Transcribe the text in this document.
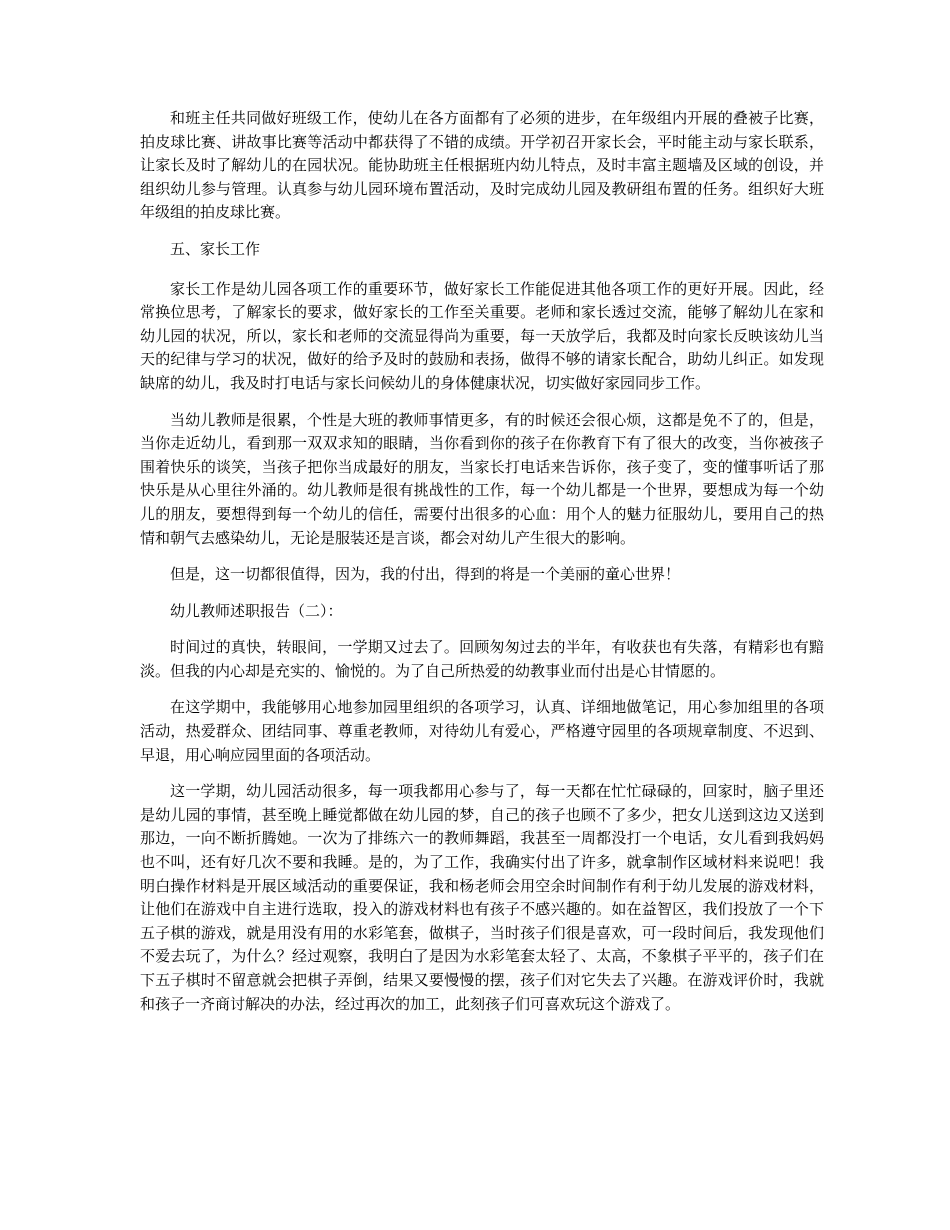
和班主任共同做好班级工作，使幼儿在各方面都有了必须的进步，在年级组内开展的叠被子比赛，拍皮球比赛、讲故事比赛等活动中都获得了不错的成绩。开学初召开家长会，平时能主动与家长联系，让家长及时了解幼儿的在园状况。能协助班主任根据班内幼儿特点，及时丰富主题墙及区域的创设，并组织幼儿参与管理。认真参与幼儿园环境布置活动，及时完成幼儿园及教研组布置的任务。组织好大班年级组的拍皮球比赛。

五、家长工作

家长工作是幼儿园各项工作的重要环节，做好家长工作能促进其他各项工作的更好开展。因此，经常换位思考，了解家长的要求，做好家长的工作至关重要。老师和家长透过交流，能够了解幼儿在家和幼儿园的状况，所以，家长和老师的交流显得尚为重要，每一天放学后，我都及时向家长反映该幼儿当天的纪律与学习的状况，做好的给予及时的鼓励和表扬，做得不够的请家长配合，助幼儿纠正。如发现缺席的幼儿，我及时打电话与家长问候幼儿的身体健康状况，切实做好家园同步工作。

当幼儿教师是很累，个性是大班的教师事情更多，有的时候还会很心烦，这都是免不了的，但是，当你走近幼儿，看到那一双双求知的眼睛，当你看到你的孩子在你教育下有了很大的改变，当你被孩子围着快乐的谈笑，当孩子把你当成最好的朋友，当家长打电话来告诉你，孩子变了，变的懂事听话了那快乐是从心里往外涌的。幼儿教师是很有挑战性的工作，每一个幼儿都是一个世界，要想成为每一个幼儿的朋友，要想得到每一个幼儿的信任，需要付出很多的心血：用个人的魅力征服幼儿，要用自己的热情和朝气去感染幼儿，无论是服装还是言谈，都会对幼儿产生很大的影响。

但是，这一切都很值得，因为，我的付出，得到的将是一个美丽的童心世界！

幼儿教师述职报告（二）：

时间过的真快，转眼间，一学期又过去了。回顾匆匆过去的半年，有收获也有失落，有精彩也有黯淡。但我的内心却是充实的、愉悦的。为了自己所热爱的幼教事业而付出是心甘情愿的。

在这学期中，我能够用心地参加园里组织的各项学习，认真、详细地做笔记，用心参加组里的各项活动，热爱群众、团结同事、尊重老教师，对待幼儿有爱心，严格遵守园里的各项规章制度、不迟到、早退，用心响应园里面的各项活动。

这一学期，幼儿园活动很多，每一项我都用心参与了，每一天都在忙忙碌碌的，回家时，脑子里还是幼儿园的事情，甚至晚上睡觉都做在幼儿园的梦，自己的孩子也顾不了多少，把女儿送到这边又送到那边，一向不断折腾她。一次为了排练六一的教师舞蹈，我甚至一周都没打一个电话，女儿看到我妈妈也不叫，还有好几次不要和我睡。是的，为了工作，我确实付出了许多，就拿制作区域材料来说吧！我明白操作材料是开展区域活动的重要保证，我和杨老师会用空余时间制作有利于幼儿发展的游戏材料，让他们在游戏中自主进行选取，投入的游戏材料也有孩子不感兴趣的。如在益智区，我们投放了一个下五子棋的游戏，就是用没有用的水彩笔套，做棋子，当时孩子们很是喜欢，可一段时间后，我发现他们不爱去玩了，为什么？经过观察，我明白了是因为水彩笔套太轻了、太高，不象棋子平平的，孩子们在下五子棋时不留意就会把棋子弄倒，结果又要慢慢的摆，孩子们对它失去了兴趣。在游戏评价时，我就和孩子一齐商讨解决的办法，经过再次的加工，此刻孩子们可喜欢玩这个游戏了。
